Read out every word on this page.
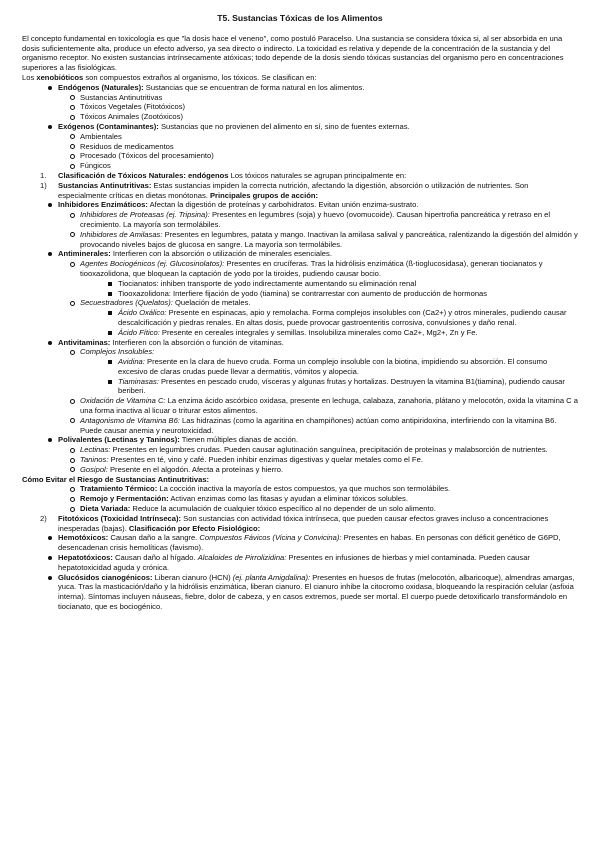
T5. Sustancias Tóxicas de los Alimentos

El concepto fundamental en toxicología es que "la dosis hace el veneno", como postuló Paracelso. Una sustancia se considera tóxica si, al ser absorbida en una dosis suficientemente alta, produce un efecto adverso, ya sea directo o indirecto. La toxicidad es relativa y depende de la concentración de la sustancia y del organismo receptor. No existen sustancias intrínsecamente atóxicas; todo depende de la dosis siendo tóxicas sustancias del organismo pero en concentraciones superiores a las fisiológicas.

Los xenobióticos son compuestos extraños al organismo, los tóxicos. Se clasifican en:

Endógenos (Naturales): Sustancias que se encuentran de forma natural en los alimentos.
Sustancias Antinutritivas
Tóxicos Vegetales (Fitotóxicos)
Tóxicos Animales (Zootóxicos)
Exógenos (Contaminantes): Sustancias que no provienen del alimento en sí, sino de fuentes externas.
Ambientales
Residuos de medicamentos
Procesado (Tóxicos del procesamiento)
Fúngicos
1.	Clasificación de Tóxicos Naturales: endógenos Los tóxicos naturales se agrupan principalmente en:
1)	Sustancias Antinutritivas: Estas sustancias impiden la correcta nutrición, afectando la digestión, absorción o utilización de nutrientes. Son especialmente críticas en dietas monótonas. Principales grupos de acción:
Inhibidores Enzimáticos: Afectan la digestión de proteínas y carbohidratos. Evitan unión enzima-sustrato.
Inhibidores de Proteasas (ej. Tripsina): Presentes en legumbres (soja) y huevo (ovomucoide). Causan hipertrofia pancreática y retraso en el crecimiento. La mayoría son termolábiles.
Inhibidores de Amilasas: Presentes en legumbres, patata y mango. Inactivan la amilasa salival y pancreática, ralentizando la digestión del almidón y provocando niveles bajos de glucosa en sangre. La mayoría son termolábiles.
Antiminerales: Interfieren con la absorción o utilización de minerales esenciales.
Agentes Bociogénicos (ej. Glucosinolatos): Presentes en crucíferas. Tras la hidrólisis enzimática (ß-tioglucosidasa), generan tiocianatos y tiooxazolidona, que bloquean la captación de yodo por la tiroides, pudiendo causar bocio.
Tiocianatos: inhiben transporte de yodo indirectamente aumentando su eliminación renal
Tiooxazolidona: Interfiere fijación de yodo (tiamina) se contrarrestar con aumento de producción de hormonas
Secuestradores (Quelatos): Quelación de metales.
Ácido Oxálico: Presente en espinacas, apio y remolacha. Forma complejos insolubles con (Ca2+) y otros minerales, pudiendo causar descalcificación y piedras renales. En altas dosis, puede provocar gastroenteritis corrosiva, convulsiones y daño renal.
Ácido Fítico: Presente en cereales integrales y semillas. Insolubiliza minerales como Ca2+, Mg2+, Zn y Fe.
Antivitaminas: Interfieren con la absorción o función de vitaminas.
Complejos Insolubles:
Avidina: Presente en la clara de huevo cruda. Forma un complejo insoluble con la biotina, impidiendo su absorción. El consumo excesivo de claras crudas puede llevar a dermatitis, vómitos y alopecia.
Tiaminasas: Presentes en pescado crudo, vísceras y algunas frutas y hortalizas. Destruyen la vitamina B1(tiamina), pudiendo causar beriberi.
Oxidación de Vitamina C: La enzima ácido ascórbico oxidasa, presente en lechuga, calabaza, zanahoria, plátano y melocotón, oxida la vitamina C a una forma inactiva al licuar o triturar estos alimentos.
Antagonismo de Vitamina B6: Las hidrazinas (como la agaritina en champiñones) actúan como antipiridoxina, interfiriendo con la vitamina B6. Puede causar anemia y neurotoxicidad.
Polivalentes (Lectinas y Taninos): Tienen múltiples dianas de acción.
Lectinas: Presentes en legumbres crudas. Pueden causar aglutinación sanguínea, precipitación de proteínas y malabsorción de nutrientes.
Taninos: Presentes en té, vino y café. Pueden inhibir enzimas digestivas y quelar metales como el Fe.
Gosipol: Presente en el algodón. Afecta a proteínas y hierro.

Cómo Evitar el Riesgo de Sustancias Antinutritivas:

Tratamiento Térmico: La cocción inactiva la mayoría de estos compuestos, ya que muchos son termolábiles.
Remojo y Fermentación: Activan enzimas como las fitasas y ayudan a eliminar tóxicos solubles.
Dieta Variada: Reduce la acumulación de cualquier tóxico específico al no depender de un solo alimento.
2)	Fitotóxicos (Toxicidad Intrínseca): Son sustancias con actividad tóxica intrínseca, que pueden causar efectos graves incluso a concentraciones inesperadas (bajas). Clasificación por Efecto Fisiológico:
Hemotóxicos: Causan daño a la sangre. Compuestos Fávicos (Vicina y Convicina): Presentes en habas. En personas con déficit genético de G6PD, desencadenan crisis hemolíticas (favismo).
Hepatotóxicos: Causan daño al hígado. Alcaloides de Pirrolizidina: Presentes en infusiones de hierbas y miel contaminada. Pueden causar hepatotoxicidad aguda y crónica.
Glucósidos cianogénicos: Liberan cianuro (HCN) (ej. planta Amigdalina): Presentes en huesos de frutas (melocotón, albaricoque), almendras amargas, yuca. Tras la masticación/daño y la hidrólisis enzimática, liberan cianuro. El cianuro inhibe la citocromo oxidasa, bloqueando la respiración celular (asfixia interna). Síntomas incluyen náuseas, fiebre, dolor de cabeza, y en casos extremos, puede ser mortal. El cuerpo puede detoxificarlo transformándolo en tiocianato, que es bociogénico.
